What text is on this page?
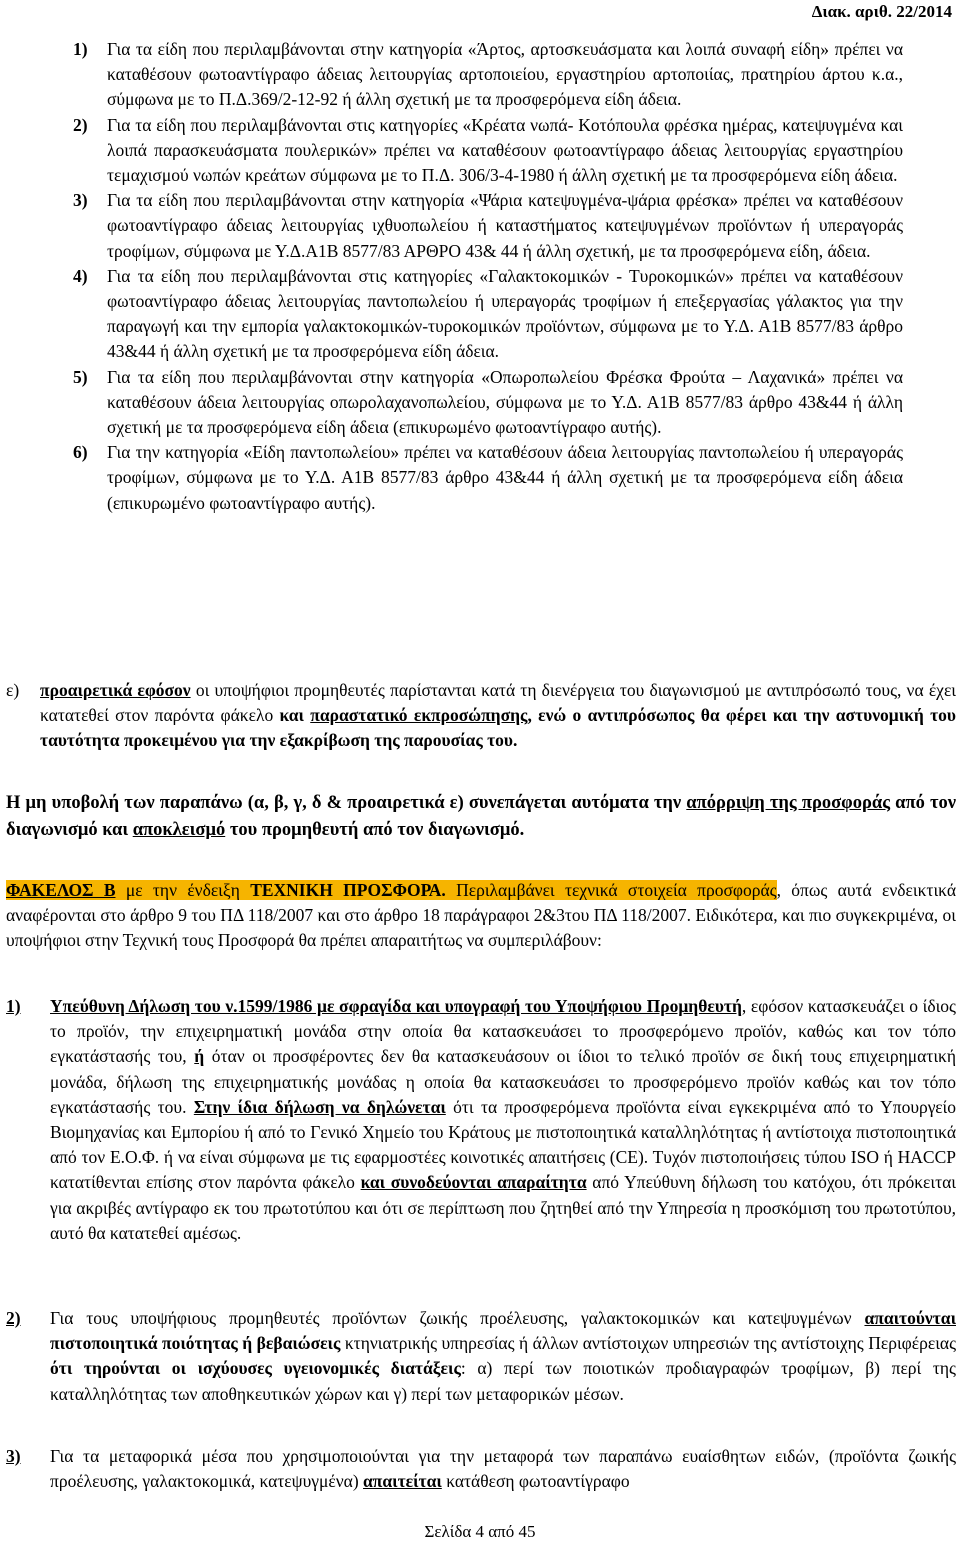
Διακ. αριθ. 22/2014

1) Για τα είδη που περιλαμβάνονται στην κατηγορία «Άρτος, αρτοσκευάσματα και λοιπά συναφή είδη» πρέπει να καταθέσουν φωτοαντίγραφο άδειας λειτουργίας αρτοποιείου, εργαστηρίου αρτοποιίας, πρατηρίου άρτου κ.α., σύμφωνα με το Π.Δ.369/2-12-92 ή άλλη σχετική με τα προσφερόμενα είδη άδεια.

2) Για τα είδη που περιλαμβάνονται στις κατηγορίες «Κρέατα νωπά- Κοτόπουλα φρέσκα ημέρας, κατεψυγμένα και λοιπά παρασκευάσματα πουλερικών» πρέπει να καταθέσουν φωτοαντίγραφο άδειας λειτουργίας εργαστηρίου τεμαχισμού νωπών κρεάτων σύμφωνα με το Π.Δ. 306/3-4-1980 ή άλλη σχετική με τα προσφερόμενα είδη άδεια.

3) Για τα είδη που περιλαμβάνονται στην κατηγορία «Ψάρια κατεψυγμένα-ψάρια φρέσκα» πρέπει να καταθέσουν φωτοαντίγραφο άδειας λειτουργίας ιχθυοπωλείου ή καταστήματος κατεψυγμένων προϊόντων ή υπεραγοράς τροφίμων, σύμφωνα με Υ.Δ.Α1Β 8577/83 ΑΡΘΡΟ 43& 44 ή άλλη σχετική, με τα προσφερόμενα είδη, άδεια.

4) Για τα είδη που περιλαμβάνονται στις κατηγορίες «Γαλακτοκομικών - Τυροκομικών» πρέπει να καταθέσουν φωτοαντίγραφο άδειας λειτουργίας παντοπωλείου ή υπεραγοράς τροφίμων ή επεξεργασίας γάλακτος για την παραγωγή και την εμπορία γαλακτοκομικών-τυροκομικών προϊόντων, σύμφωνα με το Υ.Δ. Α1Β 8577/83 άρθρο 43&44 ή άλλη σχετική με τα προσφερόμενα είδη άδεια.

5) Για τα είδη που περιλαμβάνονται στην κατηγορία «Οπωροπωλείου Φρέσκα Φρούτα – Λαχανικά» πρέπει να καταθέσουν άδεια λειτουργίας οπωρολαχανοπωλείου, σύμφωνα με το Υ.Δ. Α1Β 8577/83 άρθρο 43&44 ή άλλη σχετική με τα προσφερόμενα είδη άδεια (επικυρωμένο φωτοαντίγραφο αυτής).

6) Για την κατηγορία «Είδη παντοπωλείου» πρέπει να καταθέσουν άδεια λειτουργίας παντοπωλείου ή υπεραγοράς τροφίμων, σύμφωνα με το Υ.Δ. Α1Β 8577/83 άρθρο 43&44 ή άλλη σχετική με τα προσφερόμενα είδη άδεια (επικυρωμένο φωτοαντίγραφο αυτής).

ε) προαιρετικά εφόσον οι υποψήφιοι προμηθευτές παρίστανται κατά τη διενέργεια του διαγωνισμού με αντιπρόσωπό τους, να έχει κατατεθεί στον παρόντα φάκελο και παραστατικό εκπροσώπησης, ενώ ο αντιπρόσωπος θα φέρει και την αστυνομική του ταυτότητα προκειμένου για την εξακρίβωση της παρουσίας του.
Η μη υποβολή των παραπάνω (α, β, γ, δ & προαιρετικά ε) συνεπάγεται αυτόματα την απόρριψη της προσφοράς από τον διαγωνισμό και αποκλεισμό του προμηθευτή από τον διαγωνισμό.
ΦΑΚΕΛΟΣ Β με την ένδειξη ΤΕΧΝΙΚΗ ΠΡΟΣΦΟΡΑ. Περιλαμβάνει τεχνικά στοιχεία προσφοράς, όπως αυτά ενδεικτικά αναφέρονται στο άρθρο 9 του ΠΔ 118/2007 και στο άρθρο 18 παράγραφοι 2&3του ΠΔ 118/2007. Ειδικότερα, και πιο συγκεκριμένα, οι υποψήφιοι στην Τεχνική τους Προσφορά θα πρέπει απαραιτήτως να συμπεριλάβουν:
1) Υπεύθυνη Δήλωση του ν.1599/1986 με σφραγίδα και υπογραφή του Υποψήφιου Προμηθευτή, εφόσον κατασκευάζει ο ίδιος το προϊόν, την επιχειρηματική μονάδα στην οποία θα κατασκευάσει το προσφερόμενο προϊόν, καθώς και τον τόπο εγκατάστασής του, ή όταν οι προσφέροντες δεν θα κατασκευάσουν οι ίδιοι το τελικό προϊόν σε δική τους επιχειρηματική μονάδα, δήλωση της επιχειρηματικής μονάδας η οποία θα κατασκευάσει το προσφερόμενο προϊόν καθώς και τον τόπο εγκατάστασής του. Στην ίδια δήλωση να δηλώνεται ότι τα προσφερόμενα προϊόντα είναι εγκεκριμένα από το Υπουργείο Βιομηχανίας και Εμπορίου ή από το Γενικό Χημείο του Κράτους με πιστοποιητικά καταλληλότητας ή αντίστοιχα πιστοποιητικά από τον Ε.Ο.Φ. ή να είναι σύμφωνα με τις εφαρμοστέες κοινοτικές απαιτήσεις (CE). Τυχόν πιστοποιήσεις τύπου ISO ή HACCP κατατίθενται επίσης στον παρόντα φάκελο και συνοδεύονται απαραίτητα από Υπεύθυνη δήλωση του κατόχου, ότι πρόκειται για ακριβές αντίγραφο εκ του πρωτοτύπου και ότι σε περίπτωση που ζητηθεί από την Υπηρεσία η προσκόμιση του πρωτοτύπου, αυτό θα κατατεθεί αμέσως.
2) Για τους υποψήφιους προμηθευτές προϊόντων ζωικής προέλευσης, γαλακτοκομικών και κατεψυγμένων απαιτούνται πιστοποιητικά ποιότητας ή βεβαιώσεις κτηνιατρικής υπηρεσίας ή άλλων αντίστοιχων υπηρεσιών της αντίστοιχης Περιφέρειας ότι τηρούνται οι ισχύουσες υγειονομικές διατάξεις: α) περί των ποιοτικών προδιαγραφών τροφίμων, β) περί της καταλληλότητας των αποθηκευτικών χώρων και γ) περί των μεταφορικών μέσων.
3) Για τα μεταφορικά μέσα που χρησιμοποιούνται για την μεταφορά των παραπάνω ευαίσθητων ειδών, (προϊόντα ζωικής προέλευσης, γαλακτοκομικά, κατεψυγμένα) απαιτείται κατάθεση φωτοαντίγραφο
Σελίδα 4 από 45
